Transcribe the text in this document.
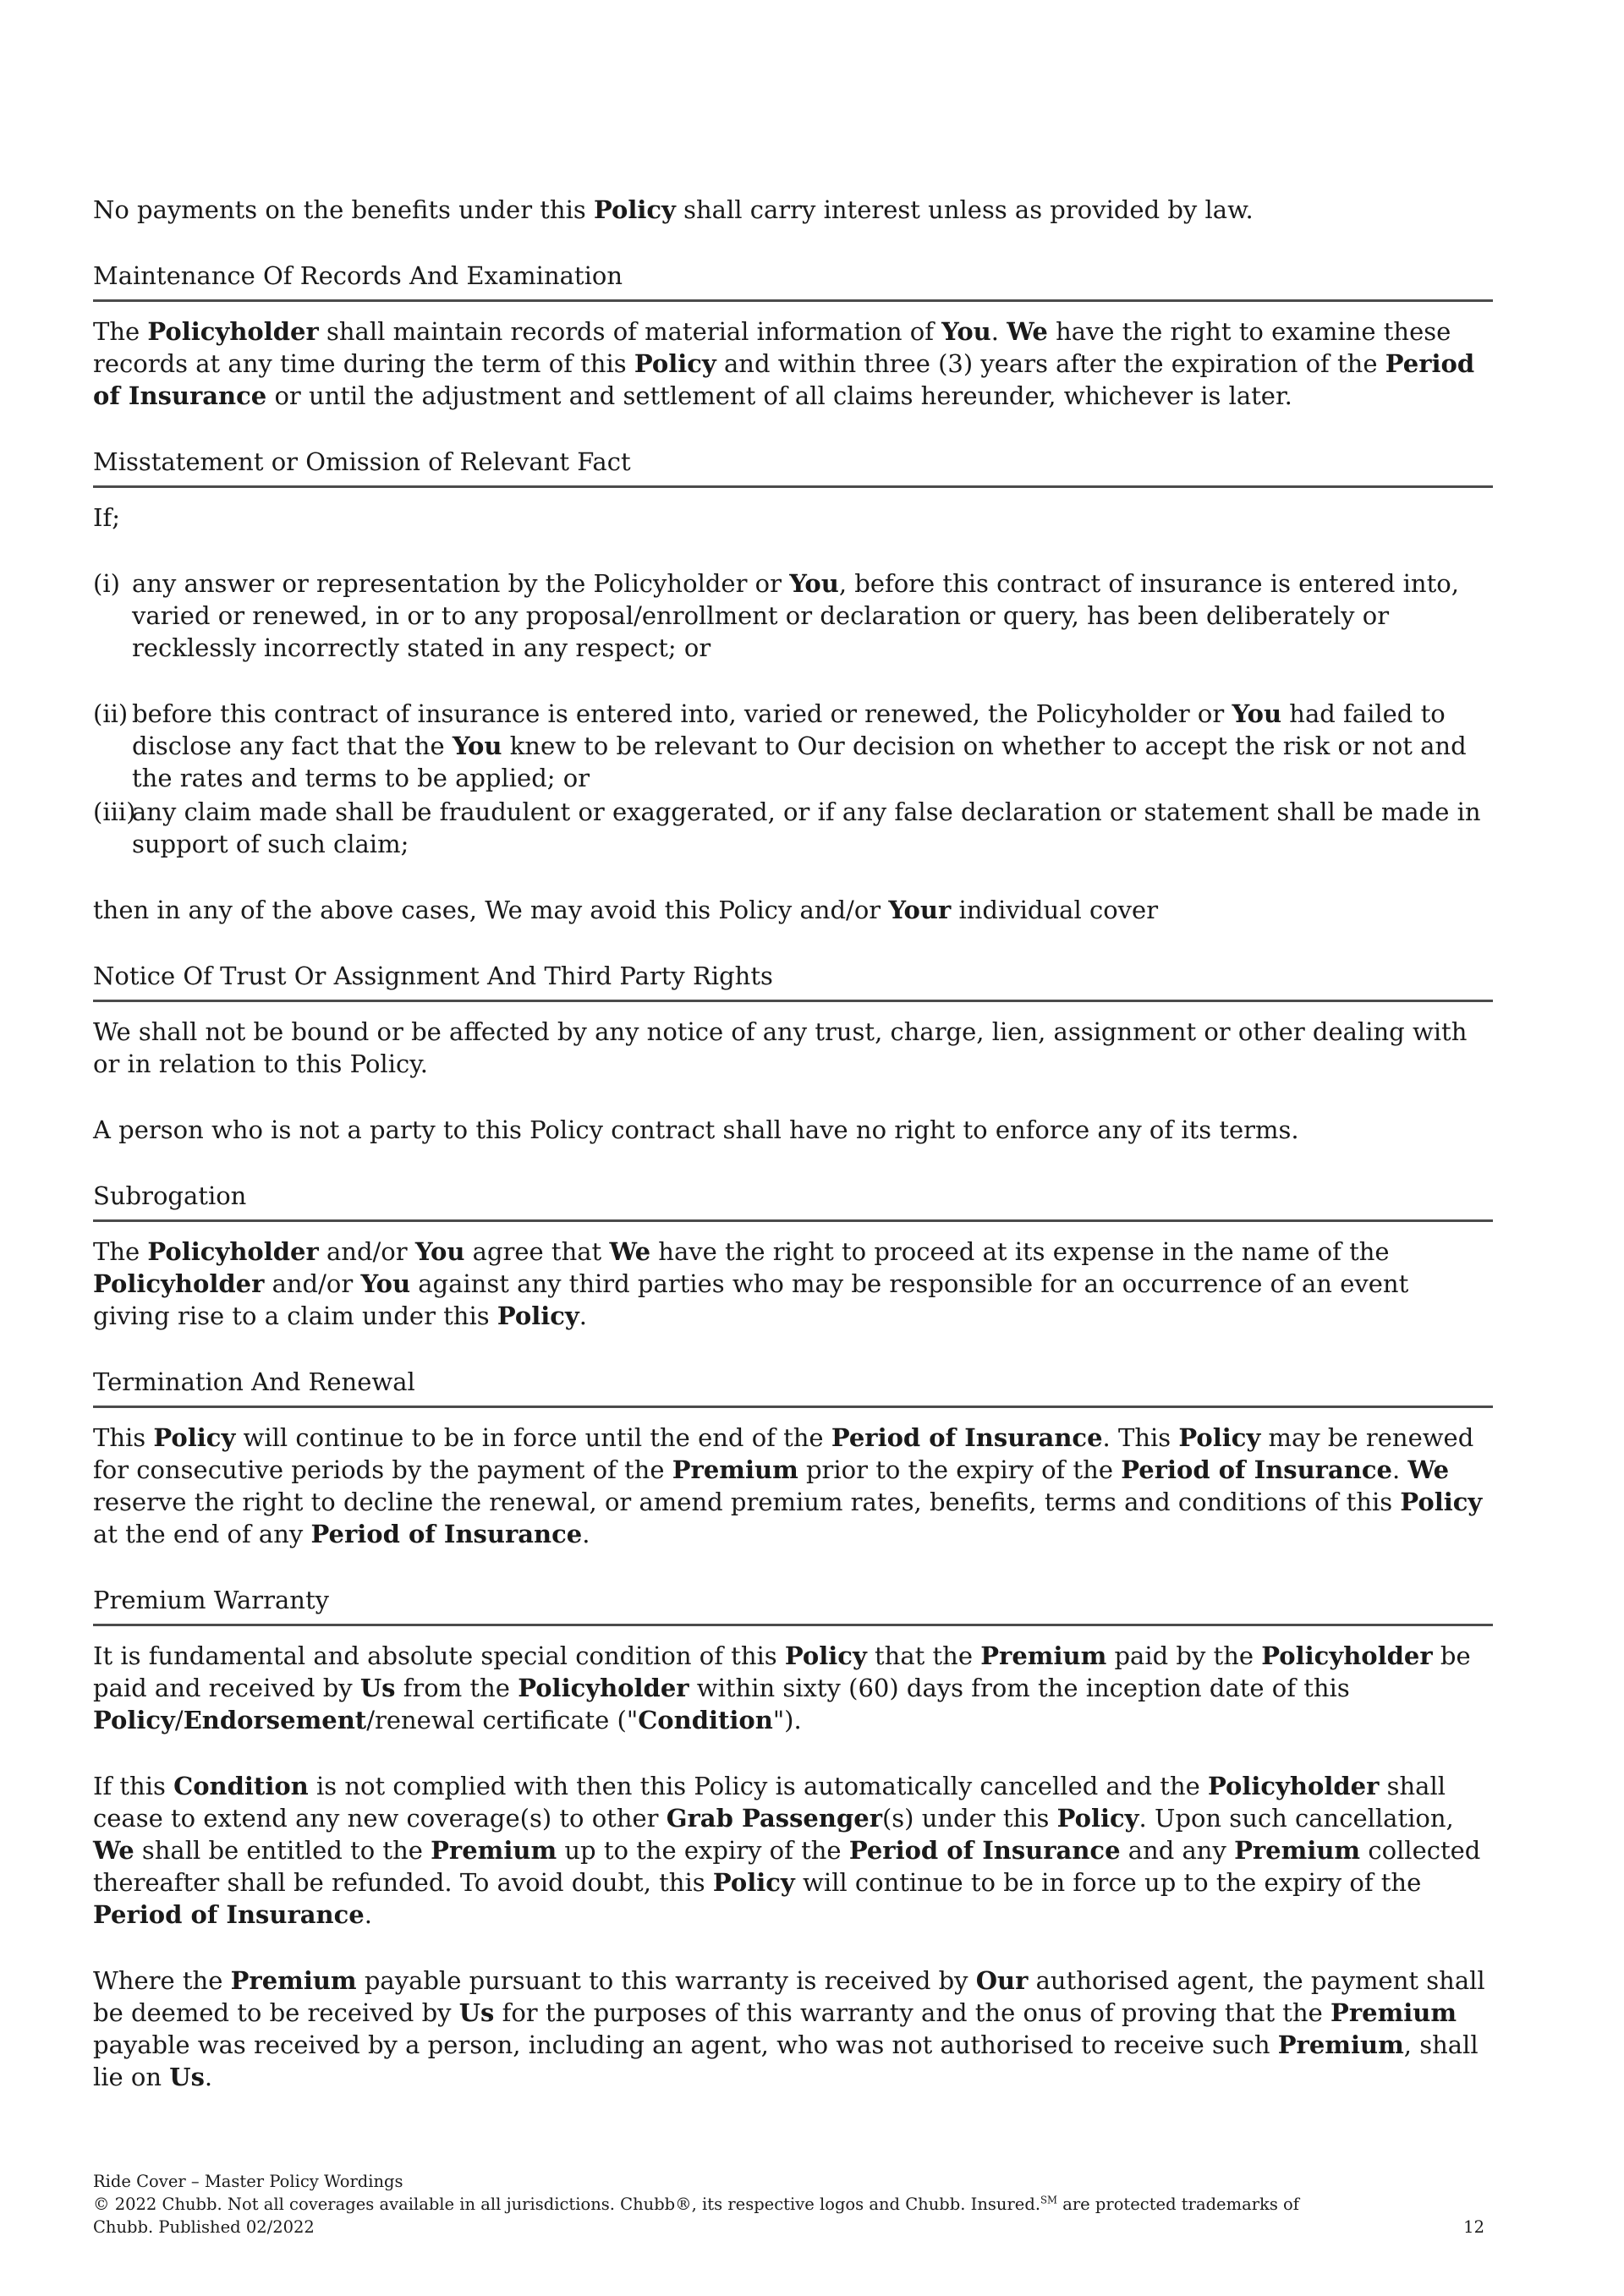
No payments on the benefits under this Policy shall carry interest unless as provided by law.

Maintenance Of Records And Examination

The Policyholder shall maintain records of material information of You. We have the right to examine these records at any time during the term of this Policy and within three (3) years after the expiration of the Period of Insurance or until the adjustment and settlement of all claims hereunder, whichever is later.

Misstatement or Omission of Relevant Fact

If;

(i) any answer or representation by the Policyholder or You, before this contract of insurance is entered into, varied or renewed, in or to any proposal/enrollment or declaration or query, has been deliberately or recklessly incorrectly stated in any respect; or
(ii) before this contract of insurance is entered into, varied or renewed, the Policyholder or You had failed to disclose any fact that the You knew to be relevant to Our decision on whether to accept the risk or not and the rates and terms to be applied; or
(iii)
any claim made shall be fraudulent or exaggerated, or if any false declaration or statement shall be made in support of such claim;

then in any of the above cases, We may avoid this Policy and/or Your individual cover

Notice Of Trust Or Assignment And Third Party Rights

We shall not be bound or be affected by any notice of any trust, charge, lien, assignment or other dealing with or in relation to this Policy.

A person who is not a party to this Policy contract shall have no right to enforce any of its terms.

Subrogation

The Policyholder and/or You agree that We have the right to proceed at its expense in the name of the Policyholder and/or You against any third parties who may be responsible for an occurrence of an event giving rise to a claim under this Policy.

Termination And Renewal

This Policy will continue to be in force until the end of the Period of Insurance. This Policy may be renewed for consecutive periods by the payment of the Premium prior to the expiry of the Period of Insurance. We reserve the right to decline the renewal, or amend premium rates, benefits, terms and conditions of this Policy at the end of any Period of Insurance.

Premium Warranty

It is fundamental and absolute special condition of this Policy that the Premium paid by the Policyholder be paid and received by Us from the Policyholder within sixty (60) days from the inception date of this Policy/Endorsement/renewal certificate ("Condition").

If this Condition is not complied with then this Policy is automatically cancelled and the Policyholder shall cease to extend any new coverage(s) to other Grab Passenger(s) under this Policy. Upon such cancellation, We shall be entitled to the Premium up to the expiry of the Period of Insurance and any Premium collected thereafter shall be refunded. To avoid doubt, this Policy will continue to be in force up to the expiry of the Period of Insurance.

Where the Premium payable pursuant to this warranty is received by Our authorised agent, the payment shall be deemed to be received by Us for the purposes of this warranty and the onus of proving that the Premium payable was received by a person, including an agent, who was not authorised to receive such Premium, shall lie on Us.

Ride Cover – Master Policy Wordings
© 2022 Chubb. Not all coverages available in all jurisdictions. Chubb®, its respective logos and Chubb. Insured.℠ are protected trademarks of
Chubb. Published 02/2022	12
